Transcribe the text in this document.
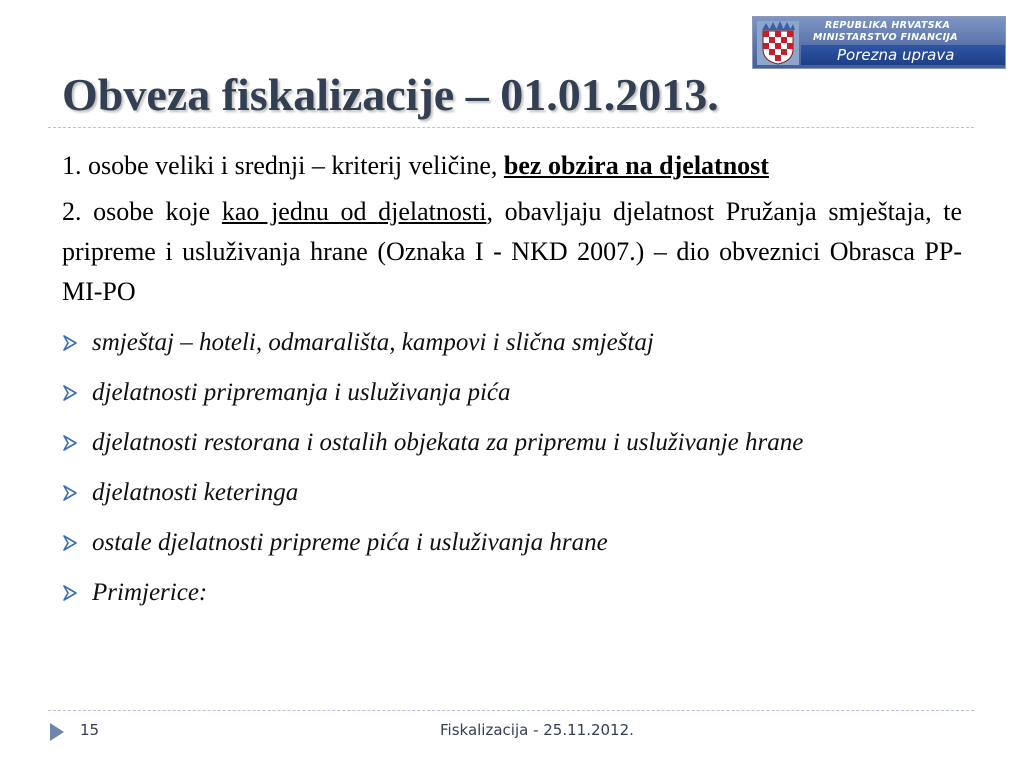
REPUBLIKA HRVATSKA
MINISTARSTVO FINANCIJA
Porezna uprava
Obveza fiskalizacije – 01.01.2013.

1. osobe veliki i srednji – kriterij veličine, bez obzira na djelatnost

2. osobe koje kao jednu od djelatnosti, obavljaju djelatnost Pružanja smještaja, te pripreme i usluživanja hrane (Oznaka I - NKD 2007.) – dio obveznici Obrasca PP-MI-PO

smještaj – hoteli, odmarališta, kampovi i slična smještaj
djelatnosti pripremanja i usluživanja pića
djelatnosti restorana i ostalih objekata za pripremu i usluživanje hrane
djelatnosti keteringa
ostale djelatnosti pripreme pića i usluživanja hrane
Primjerice:
15	Fiskalizacija - 25.11.2012.
